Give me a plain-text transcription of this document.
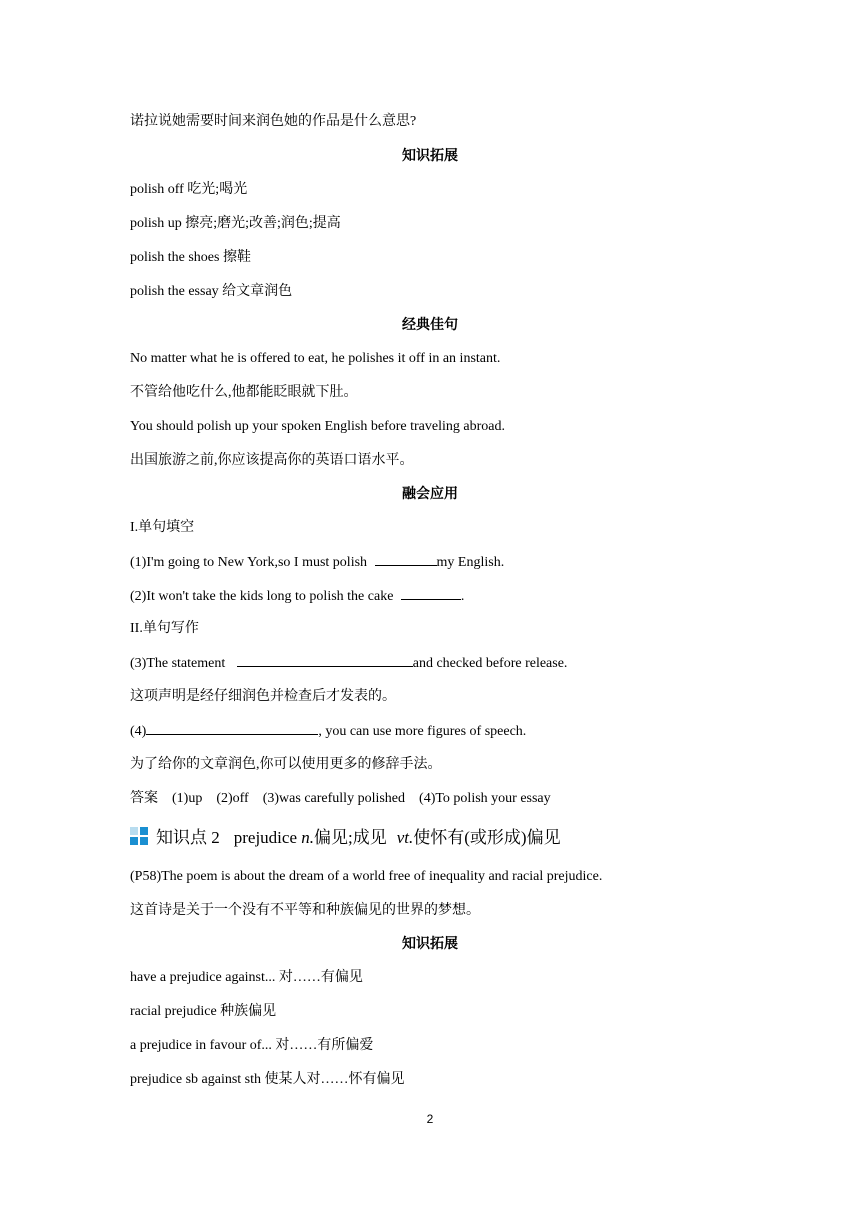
诺拉说她需要时间来润色她的作品是什么意思?
知识拓展
polish off 吃光;喝光
polish up 擦亮;磨光;改善;润色;提高
polish the shoes 擦鞋
polish the essay 给文章润色
经典佳句
No matter what he is offered to eat, he polishes it off in an instant.
不管给他吃什么,他都能眨眼就下肚。
You should polish up your spoken English before traveling abroad.
出国旅游之前,你应该提高你的英语口语水平。
融会应用
I.单句填空
(1)I'm going to New York,so I must polish	my English.
(2)It won't take the kids long to polish the cake	.
II.单句写作
(3)The statement	and checked before release.
这项声明是经仔细润色并检查后才发表的。
(4)	, you can use more figures of speech.
为了给你的文章润色,你可以使用更多的修辞手法。
答案 (1)up (2)off (3)was carefully polished (4)To polish your essay
知识点 2 prejudice n.偏见;成见 vt.使怀有(或形成)偏见
(P58)The poem is about the dream of a world free of inequality and racial prejudice.
这首诗是关于一个没有不平等和种族偏见的世界的梦想。
知识拓展
have a prejudice against... 对……有偏见
racial prejudice 种族偏见
a prejudice in favour of... 对……有所偏爱
prejudice sb against sth 使某人对……怀有偏见
2
